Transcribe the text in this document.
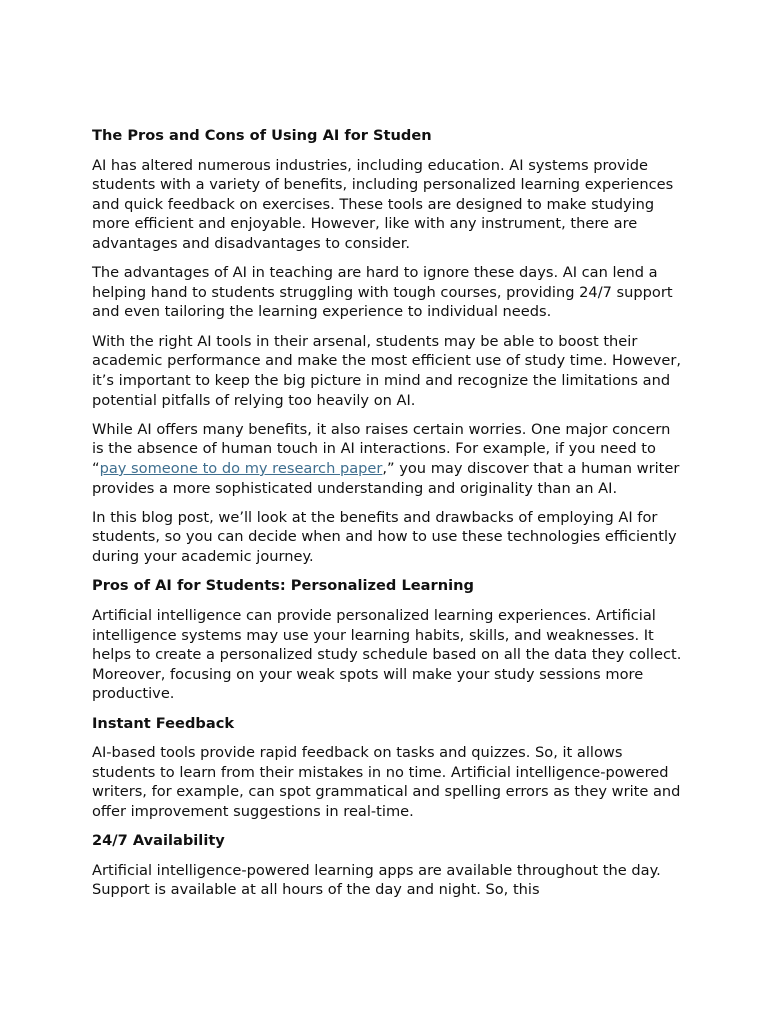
The Pros and Cons of Using AI for Studen

AI has altered numerous industries, including education. AI systems provide students with a variety of benefits, including personalized learning experiences and quick feedback on exercises. These tools are designed to make studying more efficient and enjoyable. However, like with any instrument, there are advantages and disadvantages to consider.

The advantages of AI in teaching are hard to ignore these days. AI can lend a helping hand to students struggling with tough courses, providing 24/7 support and even tailoring the learning experience to individual needs.

With the right AI tools in their arsenal, students may be able to boost their academic performance and make the most efficient use of study time. However, it’s important to keep the big picture in mind and recognize the limitations and potential pitfalls of relying too heavily on AI.

While AI offers many benefits, it also raises certain worries. One major concern is the absence of human touch in AI interactions. For example, if you need to “pay someone to do my research paper,” you may discover that a human writer provides a more sophisticated understanding and originality than an AI.

In this blog post, we’ll look at the benefits and drawbacks of employing AI for students, so you can decide when and how to use these technologies efficiently during your academic journey.

Pros of AI for Students: Personalized Learning

Artificial intelligence can provide personalized learning experiences. Artificial intelligence systems may use your learning habits, skills, and weaknesses. It helps to create a personalized study schedule based on all the data they collect. Moreover, focusing on your weak spots will make your study sessions more productive.

Instant Feedback

AI-based tools provide rapid feedback on tasks and quizzes. So, it allows students to learn from their mistakes in no time. Artificial intelligence-powered writers, for example, can spot grammatical and spelling errors as they write and offer improvement suggestions in real-time.

24/7 Availability

Artificial intelligence-powered learning apps are available throughout the day. Support is available at all hours of the day and night. So, this
